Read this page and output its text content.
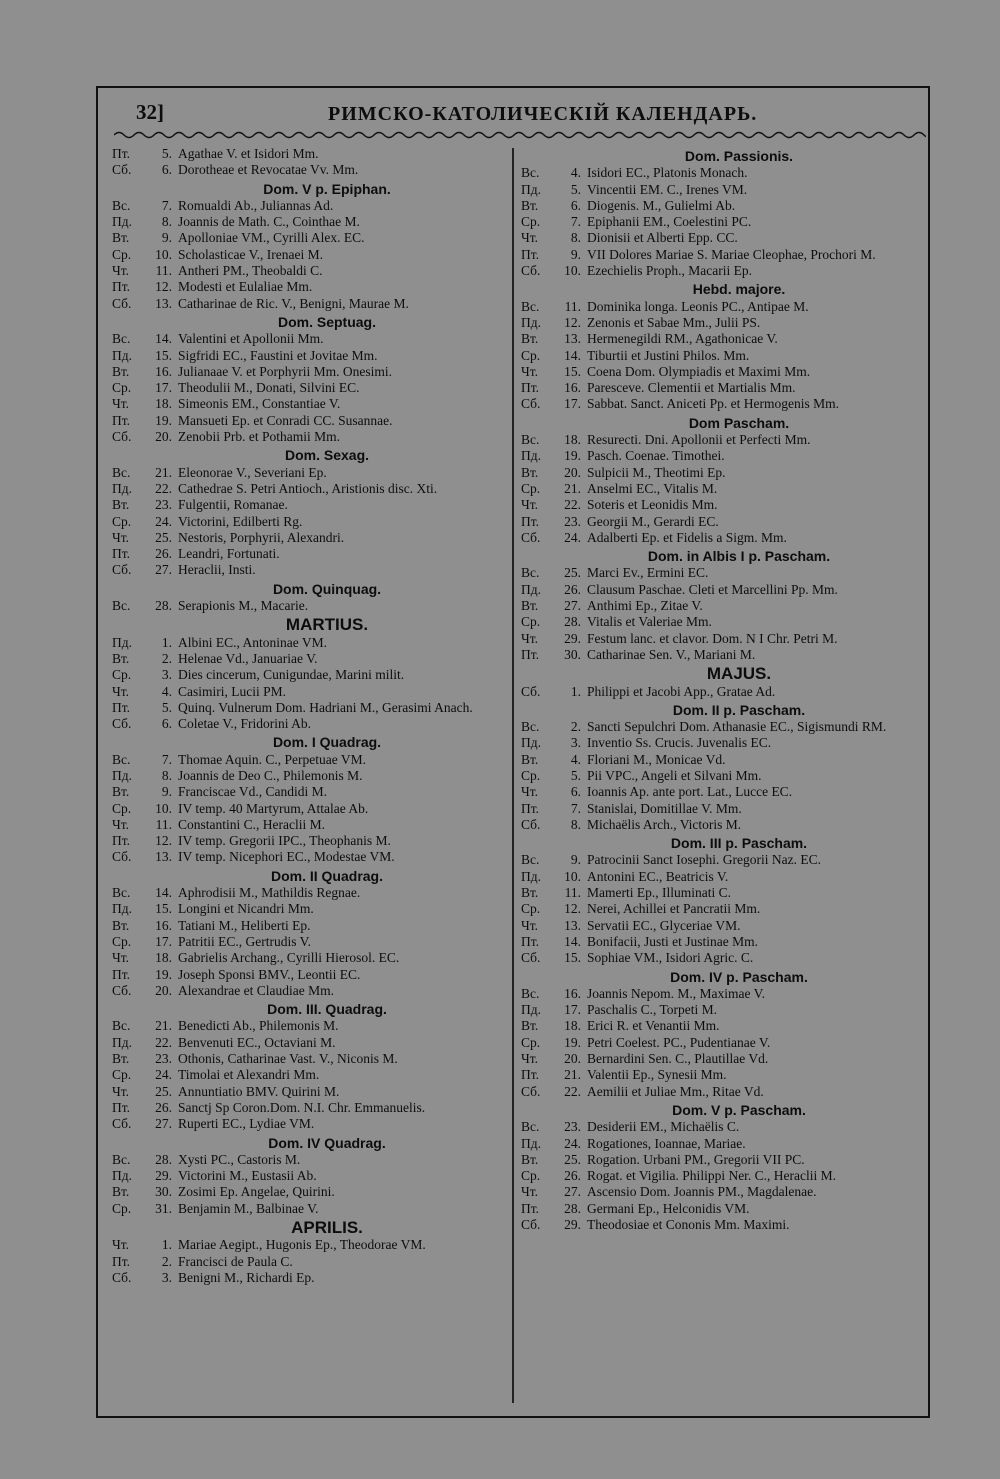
32]	РИМСКО-КАТОЛИЧЕСКІЙ КАЛЕНДАРЬ.
Пт.	5. Agathae V. et Isidori Mm.
Сб.	6. Dorotheae et Revocatae Vv. Mm.
Dom. V p. Epiphan.
Вс.	7. Romualdi Ab., Juliannas Ad.
Пд.	8. Joannis de Math. C., Cointhae M.
Вт.	9. Apolloniae VM., Cyrilli Alex. EC.
Ср.	10. Scholasticae V., Irenaei M.
Чт.	11. Antheri PM., Theobaldi C.
Пт.	12. Modesti et Eulaliae Mm.
Сб.	13. Catharinae de Ric. V., Benigni, Maurae M.
Dom. Septuag.
Вс.	14. Valentini et Apollonii Mm.
Пд.	15. Sigfridi EC., Faustini et Jovitae Mm.
Вт.	16. Julianaae V. et Porphyrii Mm. Onesimi.
Ср.	17. Theodulii M., Donati, Silvini EC.
Чт.	18. Simeonis EM., Constantiae V.
Пт.	19. Mansueti Ep. et Conradi CC. Susannae.
Сб.	20. Zenobii Prb. et Pothamii Mm.
Dom. Sexag.
Вс.	21. Eleonorae V., Severiani Ep.
Пд.	22. Cathedrae S. Petri Antioch., Aristionis disc. Xti.
Вт.	23. Fulgentii, Romanae.
Ср.	24. Victorini, Edilberti Rg.
Чт.	25. Nestoris, Porphyrii, Alexandri.
Пт.	26. Leandri, Fortunati.
Сб.	27. Heraclii, Insti.
Dom. Quinquag.
Вс.	28. Serapionis M., Macarie.
MARTIUS.
Пд.	1. Albini EC., Antoninae VM.
Вт.	2. Helenae Vd., Januariae V.
Ср.	3. Dies cincerum, Cunigundae, Marini milit.
Чт.	4. Casimiri, Lucii PM.
Пт.	5. Quinq. Vulnerum Dom. Hadriani M., Gerasimi Anach.
Сб.	6. Coletae V., Fridorini Ab.
Dom. I Quadrag.
Вс.	7. Thomae Aquin. C., Perpetuae VM.
Пд.	8. Joannis de Deo C., Philemonis M.
Вт.	9. Franciscae Vd., Candidi M.
Ср.	10. IV temp. 40 Martyrum, Attalae Ab.
Чт.	11. Constantini C., Heraclii M.
Пт.	12. IV temp. Gregorii IPC., Theophanis M.
Сб.	13. IV temp. Nicephori EC., Modestae VM.
Dom. II Quadrag.
Вс.	14. Aphrodisii M., Mathildis Regnae.
Пд.	15. Longini et Nicandri Mm.
Вт.	16. Tatiani M., Heliberti Ep.
Ср.	17. Patritii EC., Gertrudis V.
Чт.	18. Gabrielis Archang., Cyrilli Hierosol. EC.
Пт.	19. Joseph Sponsi BMV., Leontii EC.
Сб.	20. Alexandrae et Claudiae Mm.
Dom. III. Quadrag.
Вс.	21. Benedicti Ab., Philemonis M.
Пд.	22. Benvenuti EC., Octaviani M.
Вт.	23. Othonis, Catharinae Vast. V., Niconis M.
Ср.	24. Timolai et Alexandri Mm.
Чт.	25. Annuntiatio BMV. Quirini M.
Пт.	26. Sanctj Sp Coron.Dom. N.I. Chr. Emmanuelis.
Сб.	27. Ruperti EC., Lydiae VM.
Dom. IV Quadrag.
Вс.	28. Xysti PC., Castoris M.
Пд.	29. Victorini M., Eustasii Ab.
Вт.	30. Zosimi Ep. Angelae, Quirini.
Ср.	31. Benjamin M., Balbinae V.
APRILIS.
Чт.	1. Mariae Aegipt., Hugonis Ep., Theodorae VM.
Пт.	2. Francisci de Paula C.
Сб.	3. Benigni M., Richardi Ep.
Dom. Passionis.
Вс.	4. Isidori EC., Platonis Monach.
Пд.	5. Vincentii EM. C., Irenes VM.
Вт.	6. Diogenis. M., Gulielmi Ab.
Ср.	7. Epiphanii EM., Coelestini PC.
Чт.	8. Dionisii et Alberti Epp. CC.
Пт.	9. VII Dolores Mariae S. Mariae Cleophae, Prochori M.
Сб.	10. Ezechielis Proph., Macarii Ep.
Hebd. majore.
Вс.	11. Dominika longa. Leonis PC., Antipae M.
Пд.	12. Zenonis et Sabae Mm., Julii PS.
Вт.	13. Hermenegildi RM., Agathonicae V.
Ср.	14. Tiburtii et Justini Philos. Mm.
Чт.	15. Coena Dom. Olympiadis et Maximi Mm.
Пт.	16. Paresceve. Clementii et Martialis Mm.
Сб.	17. Sabbat. Sanct. Aniceti Pp. et Hermogenis Mm.
Dom Pascham.
Вс.	18. Resurecti. Dni. Apollonii et Perfecti Mm.
Пд.	19. Pasch. Coenae. Timothei.
Вт.	20. Sulpicii M., Theotimi Ep.
Ср.	21. Anselmi EC., Vitalis M.
Чт.	22. Soteris et Leonidis Mm.
Пт.	23. Georgii M., Gerardi EC.
Сб.	24. Adalberti Ep. et Fidelis a Sigm. Mm.
Dom. in Albis I p. Pascham.
Вс.	25. Marci Ev., Ermini EC.
Пд.	26. Clausum Paschae. Cleti et Marcellini Pp. Mm.
Вт.	27. Anthimi Ep., Zitae V.
Ср.	28. Vitalis et Valeriae Mm.
Чт.	29. Festum lanc. et clavor. Dom. N I Chr. Petri M.
Пт.	30. Catharinae Sen. V., Mariani M.
MAJUS.
Сб.	1. Philippi et Jacobi App., Gratae Ad.
Dom. II p. Pascham.
Вс.	2. Sancti Sepulchri Dom. Athanasie EC., Sigismundi RM.
Пд.	3. Inventio Ss. Crucis. Juvenalis EC.
Вт.	4. Floriani M., Monicae Vd.
Ср.	5. Pii VPC., Angeli et Silvani Mm.
Чт.	6. Ioannis Ap. ante port. Lat., Lucce EC.
Пт.	7. Stanislai, Domitillae V. Mm.
Сб.	8. Michaëlis Arch., Victoris M.
Dom. III p. Pascham.
Вс.	9. Patrocinii Sanct Iosephi. Gregorii Naz. EC.
Пд.	10. Antonini EC., Beatricis V.
Вт.	11. Mamerti Ep., Illuminati C.
Ср.	12. Nerei, Achillei et Pancratii Mm.
Чт.	13. Servatii EC., Glyceriae VM.
Пт.	14. Bonifacii, Justi et Justinae Mm.
Сб.	15. Sophiae VM., Isidori Agric. C.
Dom. IV p. Pascham.
Вс.	16. Joannis Nepom. M., Maximae V.
Пд.	17. Paschalis C., Torpeti M.
Вт.	18. Erici R. et Venantii Mm.
Ср.	19. Petri Coelest. PC., Pudentianae V.
Чт.	20. Bernardini Sen. C., Plautillae Vd.
Пт.	21. Valentii Ep., Synesii Mm.
Сб.	22. Aemilii et Juliae Mm., Ritae Vd.
Dom. V p. Pascham.
Вс.	23. Desiderii EM., Michaëlis C.
Пд.	24. Rogationes, Ioannae, Mariae.
Вт.	25. Rogation. Urbani PM., Gregorii VII PC.
Ср.	26. Rogat. et Vigilia. Philippi Ner. C., Heraclii M.
Чт.	27. Ascensio Dom. Joannis PM., Magdalenae.
Пт.	28. Germani Ep., Helconidis VM.
Сб.	29. Theodosiae et Cononis Mm. Maximi.
